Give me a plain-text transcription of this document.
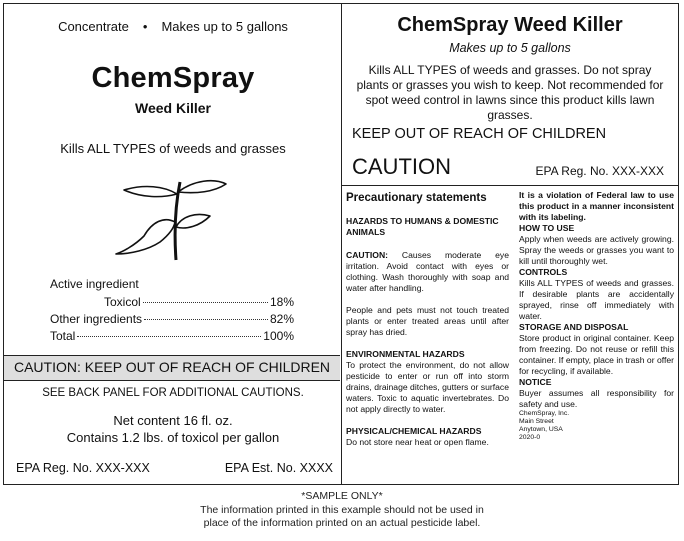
Concentrate • Makes up to 5 gallons
ChemSpray
Weed Killer
Kills ALL TYPES of weeds and grasses
Active ingredient
Toxicol	18%
Other ingredients	82%
Total	100%
CAUTION: KEEP OUT OF REACH OF CHILDREN
SEE BACK PANEL FOR ADDITIONAL CAUTIONS.
Net content 16 fl. oz.
Contains 1.2 lbs. of toxicol per gallon
EPA Reg. No. XXX-XXX	EPA Est. No. XXXX
ChemSpray Weed Killer
Makes up to 5 gallons
Kills ALL TYPES of weeds and grasses. Do not spray plants or grasses you wish to keep. Not recommended for spot weed control in lawns since this product kills lawn grasses.
KEEP OUT OF REACH OF CHILDREN
CAUTION	EPA Reg. No. XXX-XXX
Precautionary statements
HAZARDS TO HUMANS & DOMESTIC ANIMALS

CAUTION: Causes moderate eye irritation. Avoid contact with eyes or clothing. Wash thoroughly with soap and water after handling.

People and pets must not touch treated plants or enter treated areas until after spray has dried.

ENVIRONMENTAL HAZARDS

To protect the environment, do not allow pesticide to enter or run off into storm drains, drainage ditches, gutters or surface waters. Toxic to aquatic invertebrates. Do not apply directly to water.

PHYSICAL/CHEMICAL HAZARDS

Do not store near heat or open flame.

It is a violation of Federal law to use this product in a manner inconsistent with its labeling.

HOW TO USE

Apply when weeds are actively growing. Spray the weeds or grasses you want to kill until thoroughly wet.

CONTROLS

Kills ALL TYPES of weeds and grasses. If desirable plants are accidentally sprayed, rinse off immediately with water.

STORAGE AND DISPOSAL

Store product in original container. Keep from freezing. Do not reuse or refill this container. If empty, place in trash or offer for recycling, if available.

NOTICE

Buyer assumes all responsibility for safety and use.

ChemSpray, Inc.
Main Street
Anytown, USA
2020-0
*SAMPLE ONLY*
The information printed in this example should not be used in
place of the information printed on an actual pesticide label.
